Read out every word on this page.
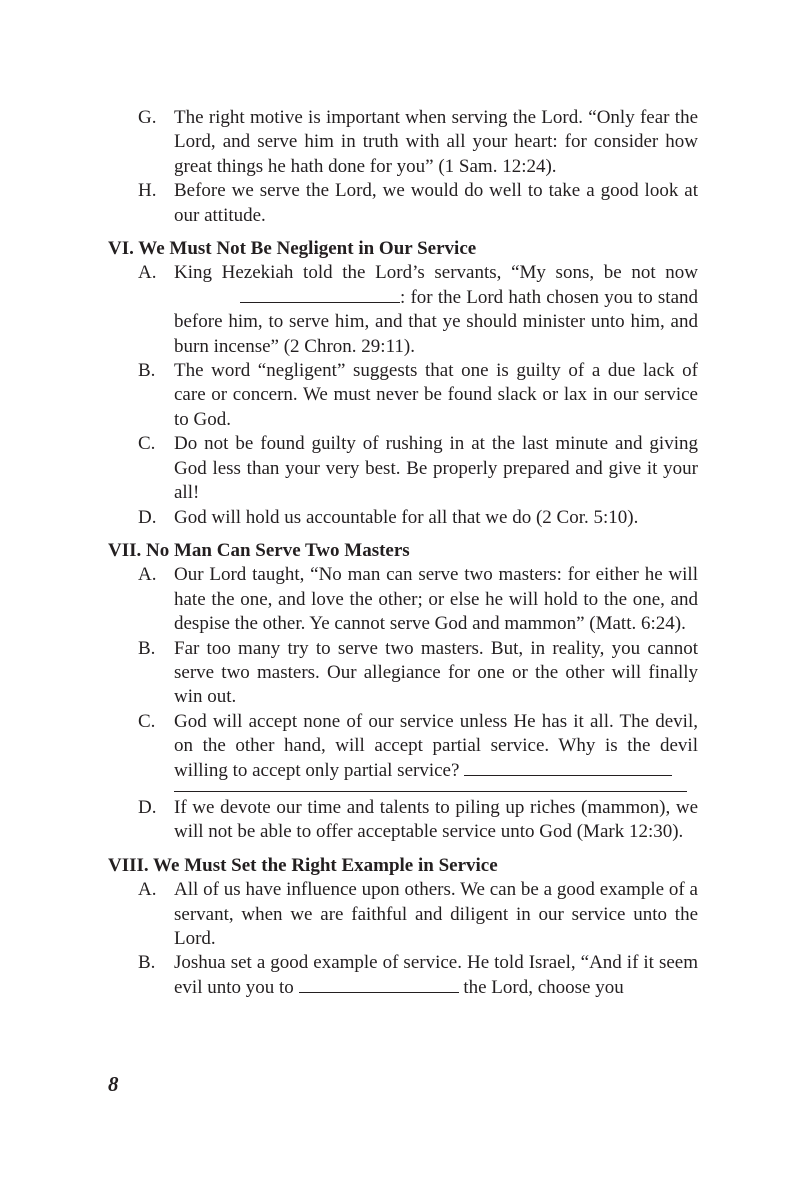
G. The right motive is important when serving the Lord. “Only fear the Lord, and serve him in truth with all your heart: for consider how great things he hath done for you” (1 Sam. 12:24).
H. Before we serve the Lord, we would do well to take a good look at our attitude.
VI. We Must Not Be Negligent in Our Service
A. King Hezekiah told the Lord’s servants, “My sons, be not now : for the Lord hath chosen you to stand before him, to serve him, and that ye should minister unto him, and burn incense” (2 Chron. 29:11).
B. The word “negligent” suggests that one is guilty of a due lack of care or concern. We must never be found slack or lax in our service to God.
C. Do not be found guilty of rushing in at the last minute and giving God less than your very best. Be properly prepared and give it your all!
D. God will hold us accountable for all that we do (2 Cor. 5:10).
VII. No Man Can Serve Two Masters
A. Our Lord taught, “No man can serve two masters: for either he will hate the one, and love the other; or else he will hold to the one, and despise the other. Ye cannot serve God and mammon” (Matt. 6:24).
B. Far too many try to serve two masters. But, in reality, you cannot serve two masters. Our allegiance for one or the other will finally win out.
C. God will accept none of our service unless He has it all. The devil, on the other hand, will accept partial service. Why is the devil willing to accept only partial service?
D. If we devote our time and talents to piling up riches (mammon), we will not be able to offer acceptable service unto God (Mark 12:30).
VIII. We Must Set the Right Example in Service
A. All of us have influence upon others. We can be a good example of a servant, when we are faithful and diligent in our service unto the Lord.
B. Joshua set a good example of service. He told Israel, “And if it seem evil unto you to	the Lord, choose you
8
